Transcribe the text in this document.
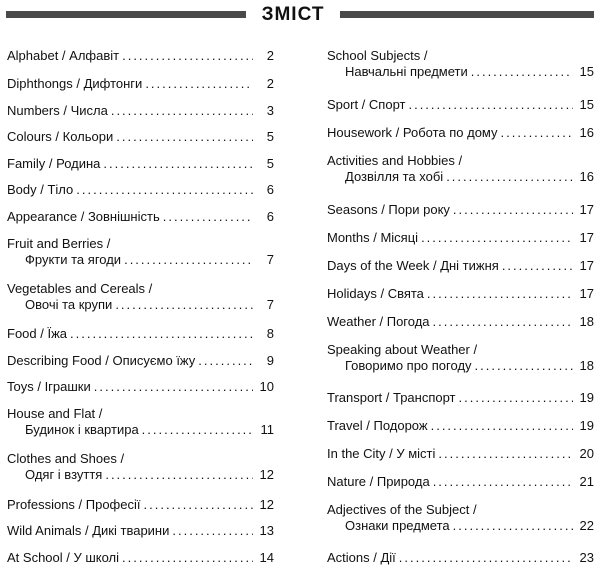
ЗМІСТ
Alphabet / Алфавіт .....	2
Diphthongs / Дифтонги .....	2
Numbers / Числа .....	3
Colours / Кольори .....	5
Family / Родина .....	5
Body / Тіло .....	6
Appearance / Зовнішність .....	6
Fruit and Berries /
Фрукти та ягоди .....	7
Vegetables and Cereals /
Овочі та крупи .....	7
Food / Їжа .....	8
Describing Food / Описуємо їжу .....	9
Toys / Іграшки .....	10
House and Flat /
Будинок і квартира .....	11
Clothes and Shoes /
Одяг і взуття .....	12
Professions / Професії .....	12
Wild Animals / Дикі тварини .....	13
At School / У школі .....	14
School Subjects /
Навчальні предмети .....	15
Sport / Спорт .....	15
Housework / Робота по дому .....	16
Activities and Hobbies /
Дозвілля та хобі .....	16
Seasons / Пори року .....	17
Months / Місяці .....	17
Days of the Week / Дні тижня .....	17
Holidays / Свята .....	17
Weather / Погода .....	18
Speaking about Weather /
Говоримо про погоду .....	18
Transport / Транспорт .....	19
Travel / Подорож .....	19
In the City / У місті .....	20
Nature / Природа .....	21
Adjectives of the Subject /
Ознаки предмета .....	22
Actions / Дії .....	23
